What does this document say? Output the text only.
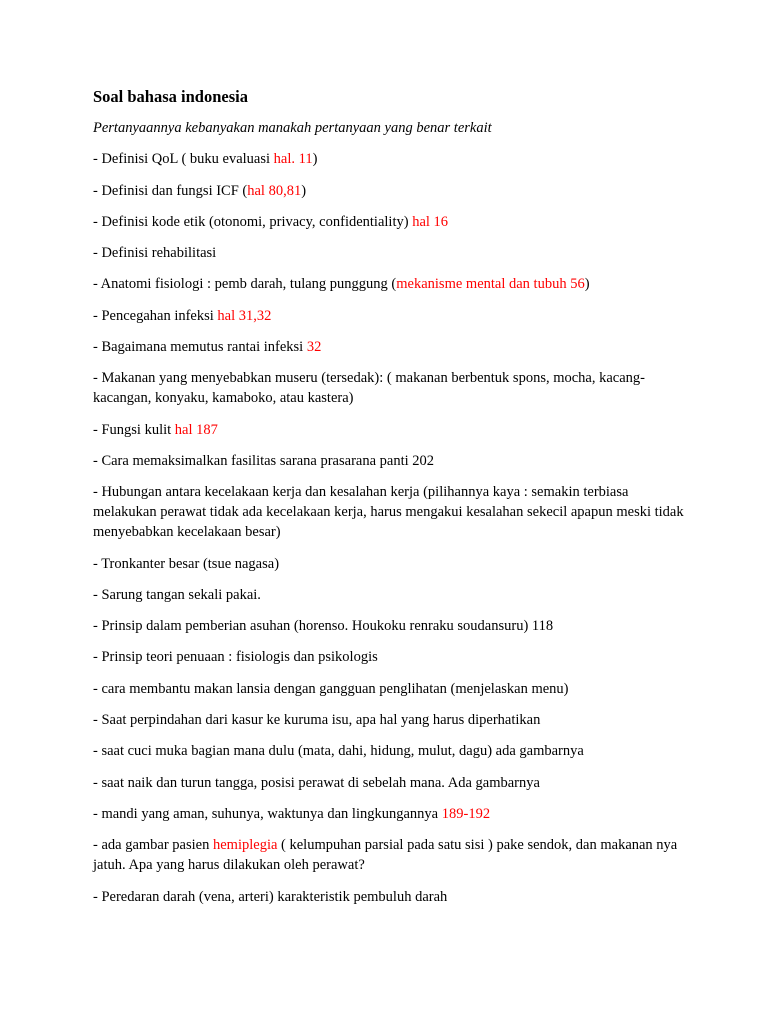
Soal bahasa indonesia
Pertanyaannya kebanyakan manakah pertanyaan yang benar terkait
- Definisi QoL ( buku evaluasi hal. 11)
- Definisi dan fungsi ICF (hal 80,81)
- Definisi kode etik (otonomi, privacy, confidentiality) hal 16
- Definisi rehabilitasi
- Anatomi fisiologi : pemb darah, tulang punggung (mekanisme mental dan tubuh 56)
- Pencegahan infeksi hal 31,32
- Bagaimana memutus rantai infeksi 32
- Makanan yang menyebabkan museru (tersedak): ( makanan berbentuk spons, mocha, kacang-kacangan, konyaku, kamaboko, atau kastera)
- Fungsi kulit hal 187
- Cara memaksimalkan fasilitas sarana prasarana panti 202
- Hubungan antara kecelakaan kerja dan kesalahan kerja (pilihannya kaya : semakin terbiasa melakukan perawat tidak ada kecelakaan kerja, harus mengakui kesalahan sekecil apapun meski tidak menyebabkan kecelakaan besar)
- Tronkanter besar (tsue nagasa)
- Sarung tangan sekali pakai.
- Prinsip dalam pemberian asuhan (horenso. Houkoku renraku soudansuru) 118
- Prinsip teori penuaan : fisiologis dan psikologis
- cara membantu makan lansia dengan gangguan penglihatan (menjelaskan menu)
- Saat perpindahan dari kasur ke kuruma isu, apa hal yang harus diperhatikan
- saat cuci muka bagian mana dulu (mata, dahi, hidung, mulut, dagu) ada gambarnya
- saat naik dan turun tangga, posisi perawat di sebelah mana. Ada gambarnya
- mandi yang aman, suhunya, waktunya dan lingkungannya 189-192
- ada gambar pasien hemiplegia ( kelumpuhan parsial pada satu sisi ) pake sendok, dan makanan nya jatuh. Apa yang harus dilakukan oleh perawat?
- Peredaran darah (vena, arteri) karakteristik pembuluh darah
